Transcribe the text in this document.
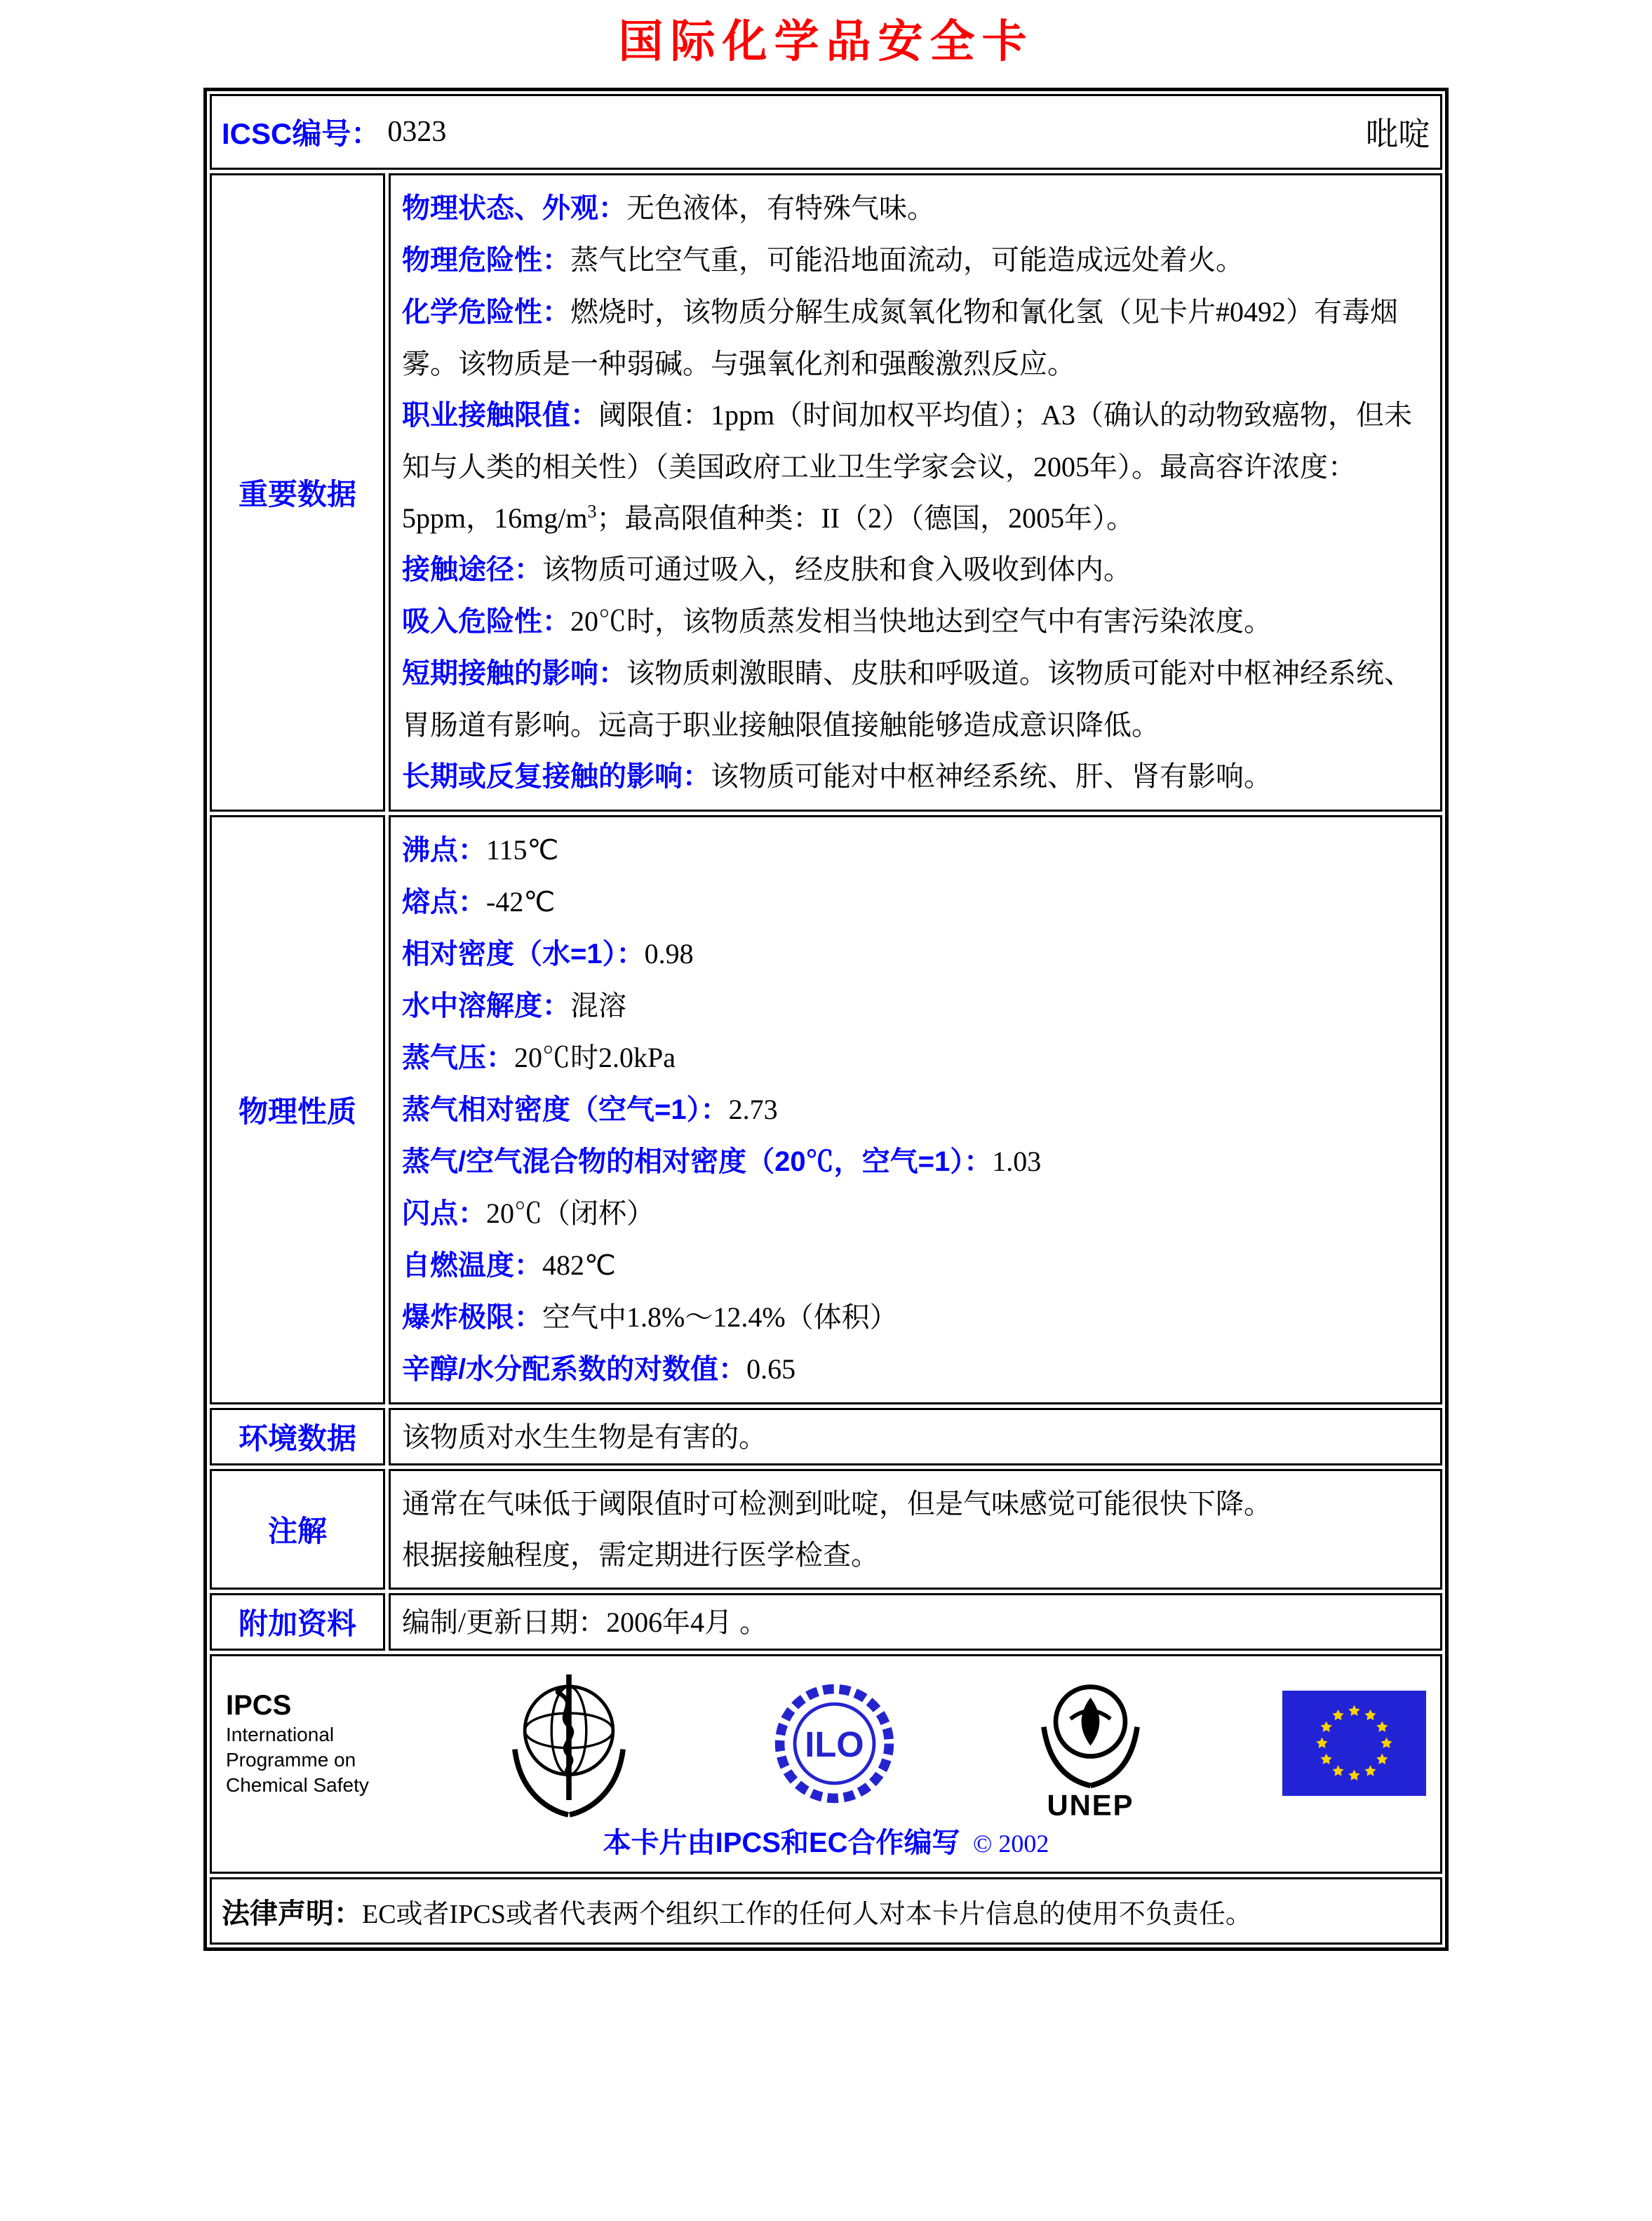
国际化学品安全卡
ICSC编号： 0323	吡啶
重要数据

物理状态、外观：无色液体，有特殊气味。

物理危险性：蒸气比空气重，可能沿地面流动，可能造成远处着火。

化学危险性：燃烧时，该物质分解生成氮氧化物和氰化氢（见卡片#0492）有毒烟雾。该物质是一种弱碱。与强氧化剂和强酸激烈反应。

职业接触限值：阈限值：1ppm（时间加权平均值）；A3（确认的动物致癌物，但未知与人类的相关性）（美国政府工业卫生学家会议，2005年）。最高容许浓度：5ppm，$16mg/m^3$；最高限值种类：II（2）（德国，2005年）。

接触途径：该物质可通过吸入，经皮肤和食入吸收到体内。

吸入危险性：20℃时，该物质蒸发相当快地达到空气中有害污染浓度。

短期接触的影响：该物质刺激眼睛、皮肤和呼吸道。该物质可能对中枢神经系统、胃肠道有影响。远高于职业接触限值接触能够造成意识降低。

长期或反复接触的影响：该物质可能对中枢神经系统、肝、肾有影响。

物理性质

沸点：115℃

熔点：-42℃

相对密度（水=1）：0.98

水中溶解度：混溶

蒸气压：20℃时2.0kPa

蒸气相对密度（空气=1）：2.73

蒸气/空气混合物的相对密度（20℃，空气=1）：1.03

闪点：20℃（闭杯）

自燃温度：482℃

爆炸极限：空气中1.8%～12.4%（体积）

辛醇/水分配系数的对数值：0.65

环境数据 该物质对水生生物是有害的。

注解

通常在气味低于阈限值时可检测到吡啶，但是气味感觉可能很快下降。

根据接触程度，需定期进行医学检查。

附加资料 编制/更新日期：2006年4月 。

IPCS
International
Programme on
Chemical Safety
ILO
UNEP
本卡片由IPCS和EC合作编写 © 2002
法律声明： EC或者IPCS或者代表两个组织工作的任何人对本卡片信息的使用不负责任。
